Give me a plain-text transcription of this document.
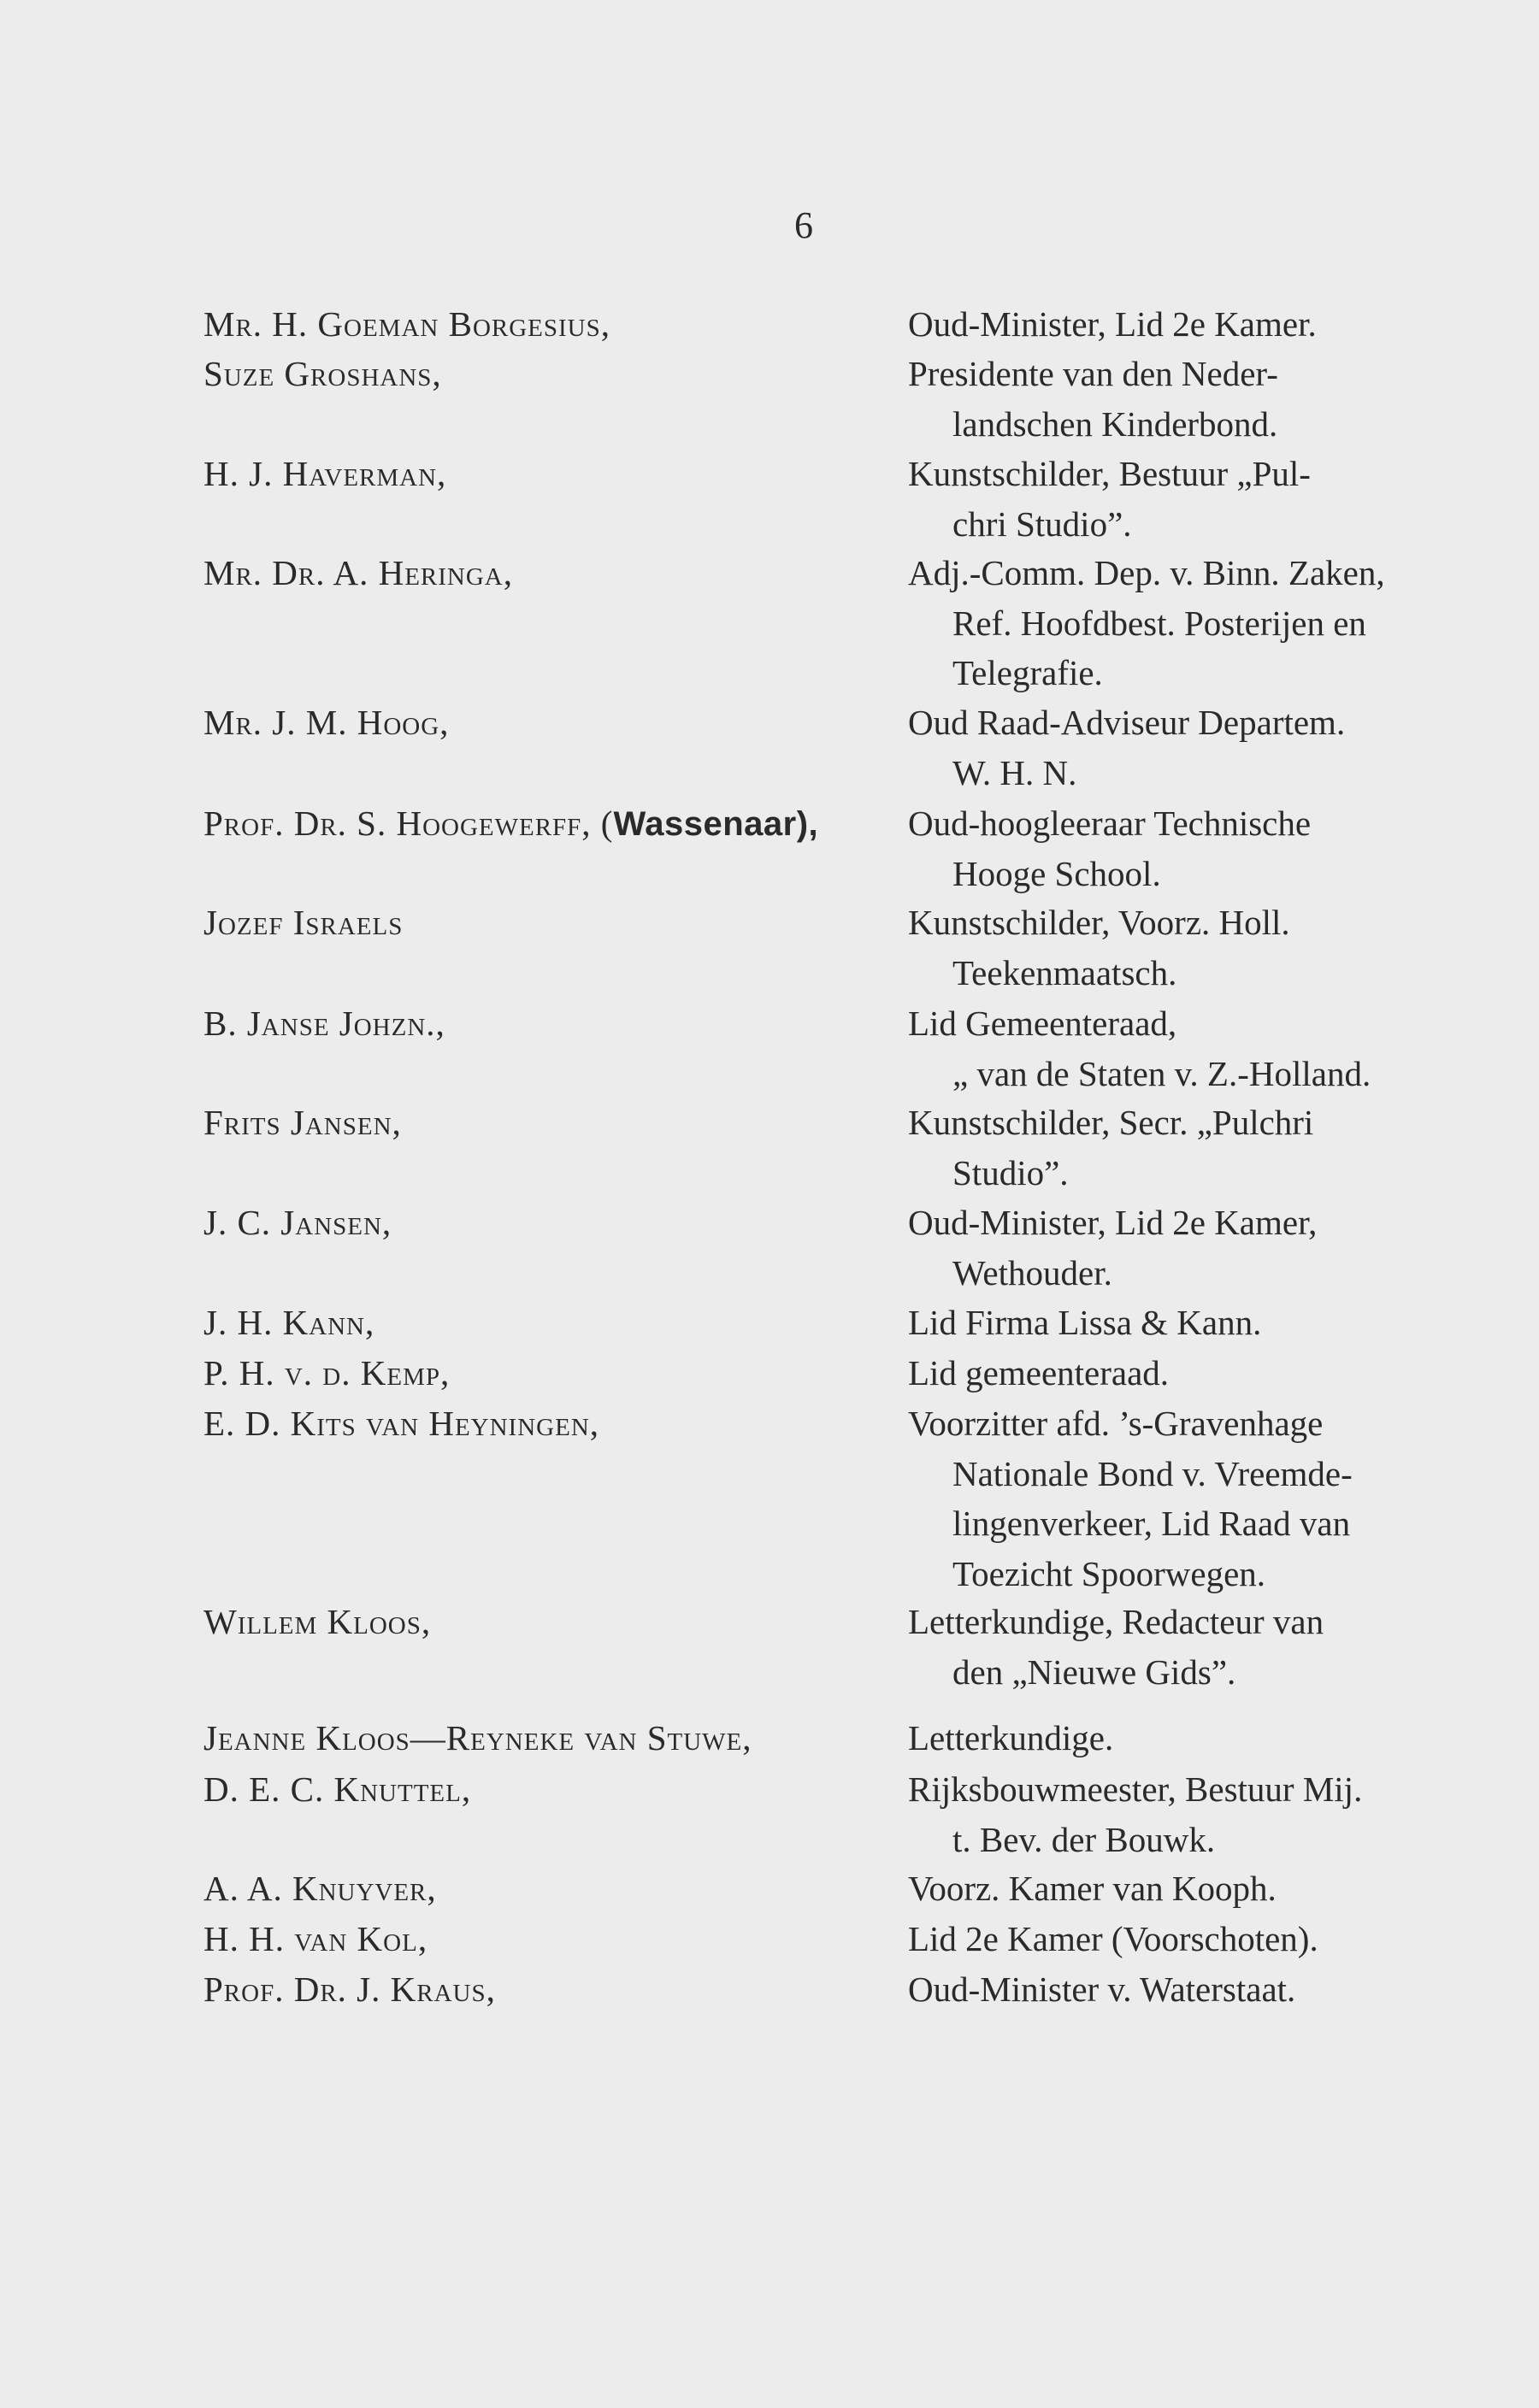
6
Mr. H. Goeman Borgesius,	Oud-Minister, Lid 2e Kamer.
Suze Groshans,	Presidente van den Neder-
landschen Kinderbond.
H. J. Haverman,	Kunstschilder, Bestuur „Pul-
chri Studio”.
Mr. Dr. A. Heringa,	Adj.-Comm. Dep. v. Binn. Zaken,
Ref. Hoofdbest. Posterijen en
Telegrafie.
Mr. J. M. Hoog,	Oud Raad-Adviseur Departem.
W. H. N.
Prof. Dr. S. Hoogewerff, (Wassenaar),	Oud-hoogleeraar Technische
Hooge School.
Jozef Israels	Kunstschilder, Voorz. Holl.
Teekenmaatsch.
B. Janse Johzn.,	Lid Gemeenteraad,
„ van de Staten v. Z.-Holland.
Frits Jansen,	Kunstschilder, Secr. „Pulchri
Studio”.
J. C. Jansen,	Oud-Minister, Lid 2e Kamer,
Wethouder.
J. H. Kann,	Lid Firma Lissa & Kann.
P. H. v. d. Kemp,	Lid gemeenteraad.
E. D. Kits van Heyningen,	Voorzitter afd. ’s-Gravenhage
Nationale Bond v. Vreemde-
lingenverkeer, Lid Raad van
Toezicht Spoorwegen.
Willem Kloos,	Letterkundige, Redacteur van
den „Nieuwe Gids”.
Jeanne Kloos—Reyneke van Stuwe,	Letterkundige.
D. E. C. Knuttel,	Rijksbouwmeester, Bestuur Mij.
t. Bev. der Bouwk.
A. A. Knuyver,	Voorz. Kamer van Kooph.
H. H. van Kol,	Lid 2e Kamer (Voorschoten).
Prof. Dr. J. Kraus,	Oud-Minister v. Waterstaat.
